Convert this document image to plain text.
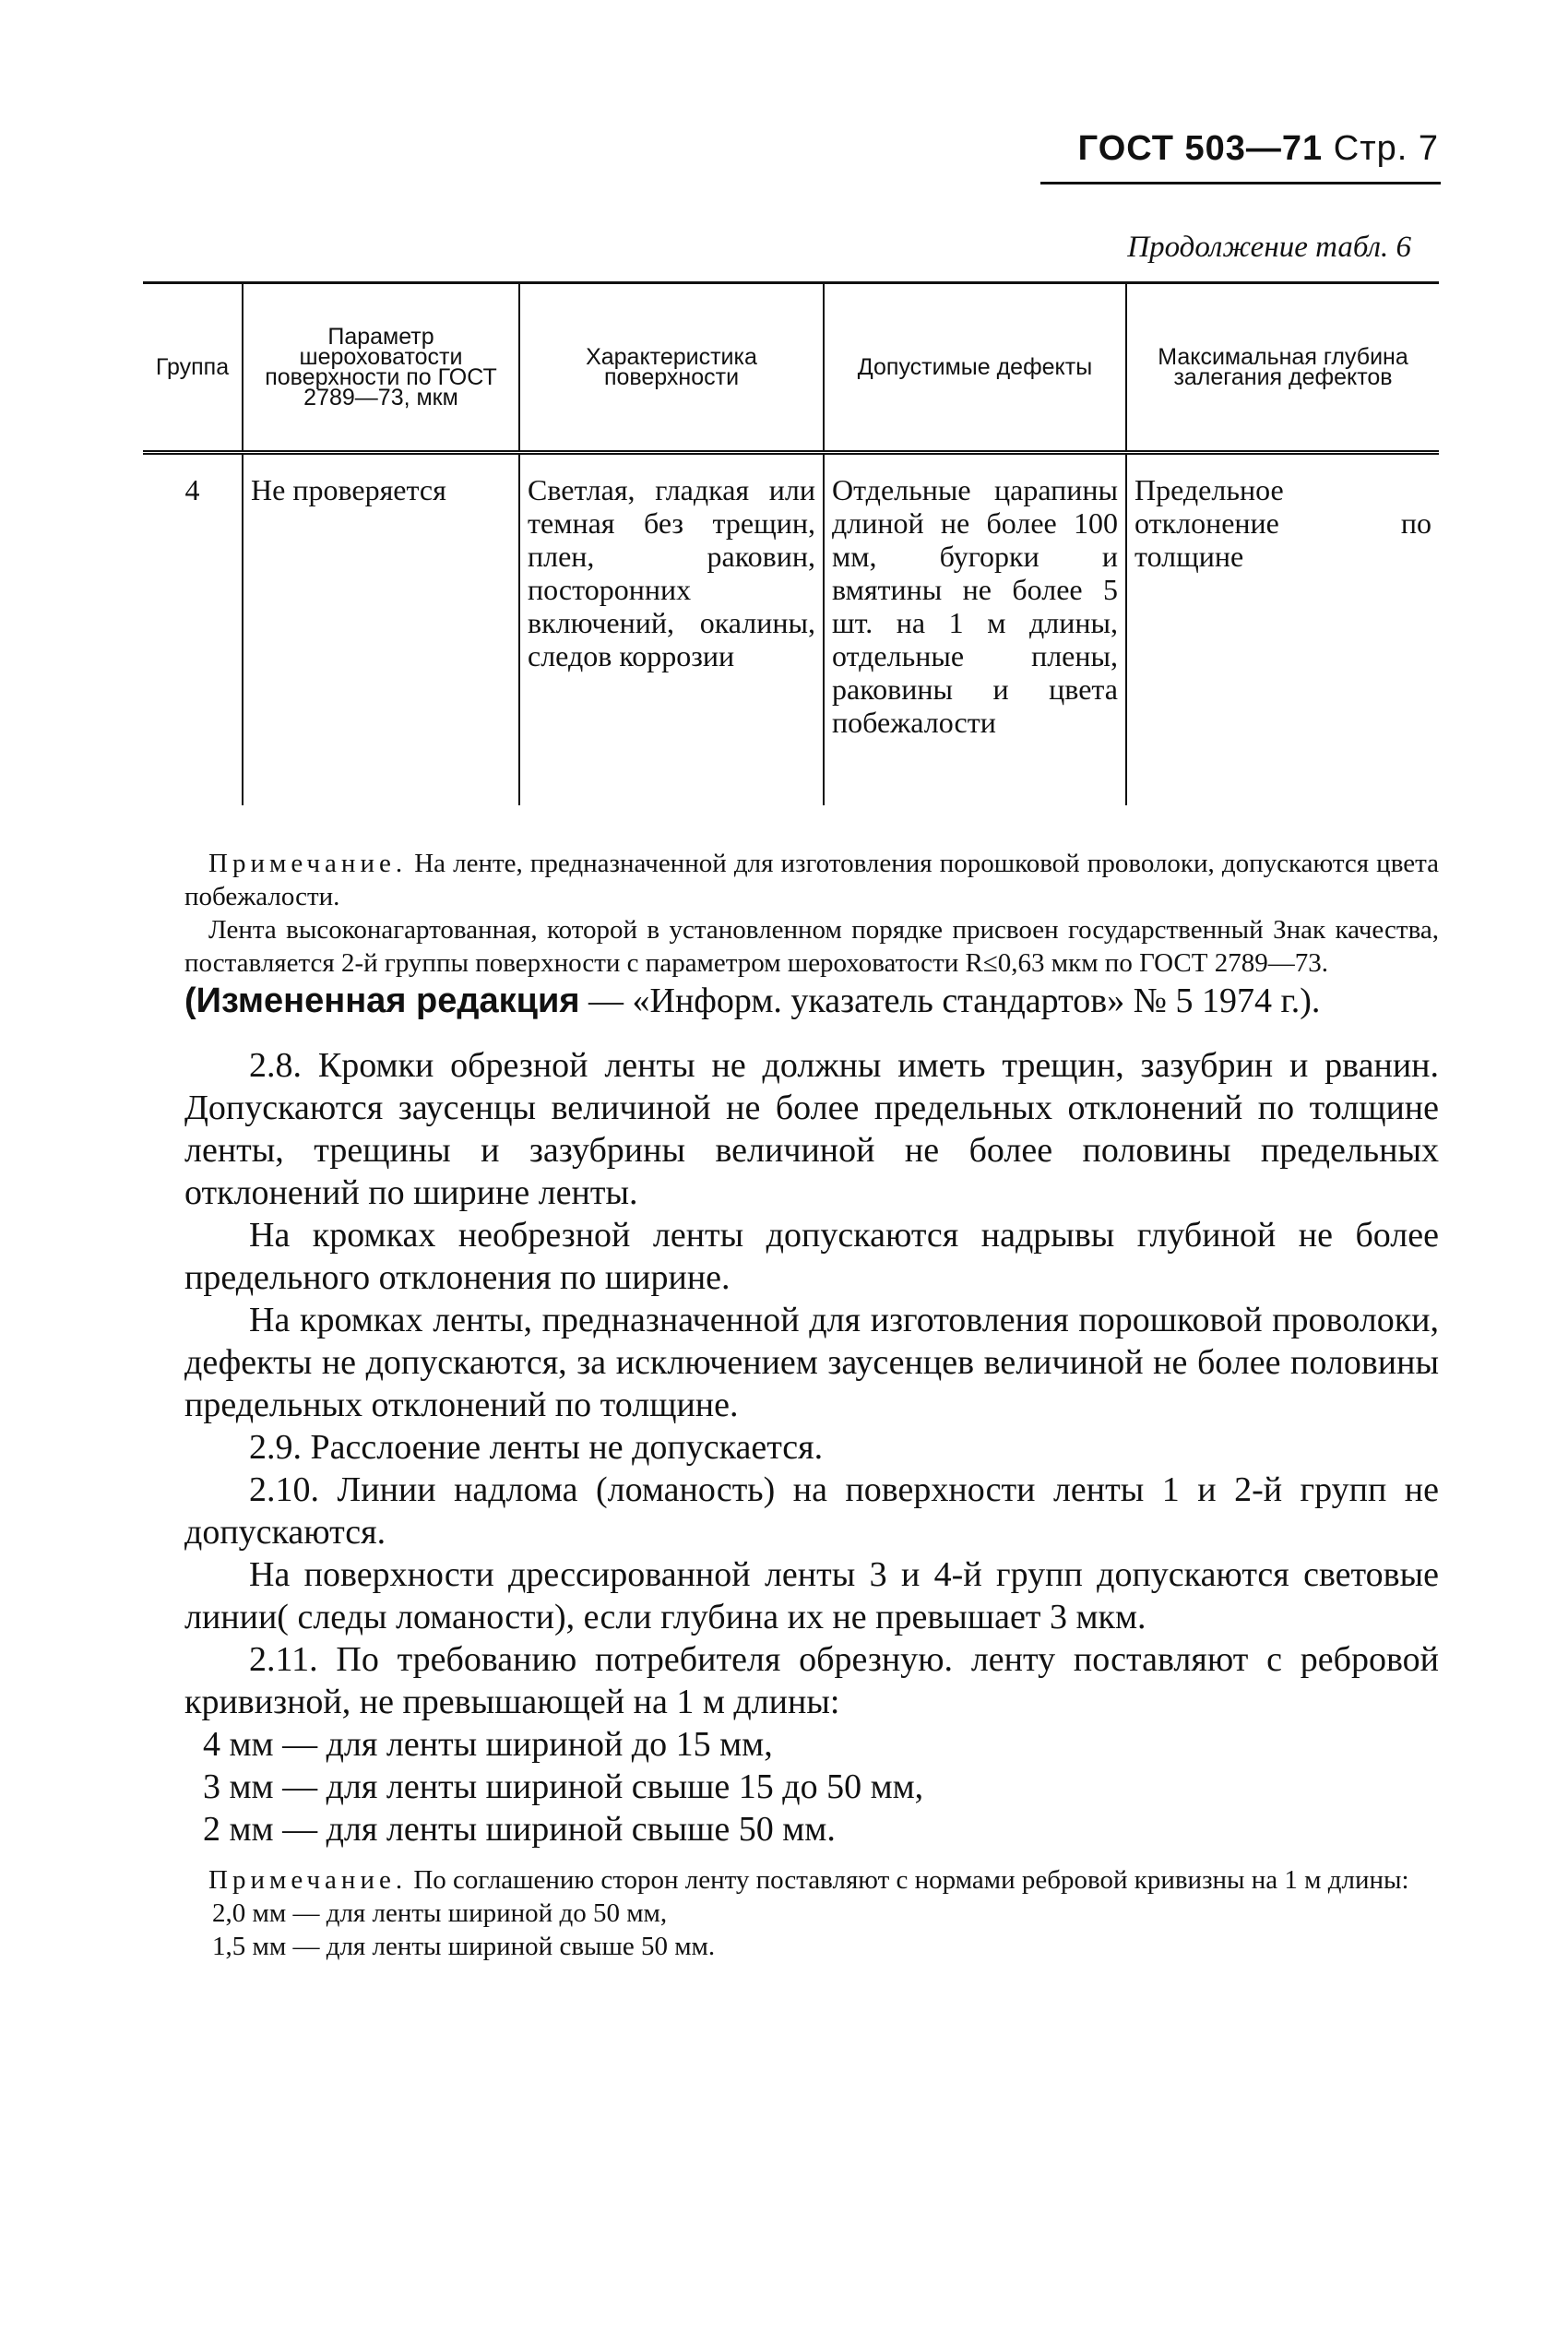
ГОСТ 503—71 Стр. 7
Продолжение табл. 6
Группа	Параметр шероховатости поверхности по ГОСТ 2789—73, мкм	Характеристика поверхности	Допустимые дефекты	Максимальная глубина залегания дефектов
4	Не проверяется	Светлая, гладкая или темная без трещин, плен, раковин, посторонних включений, окалины, следов коррозии	Отдельные царапины длиной не более 100 мм, бугорки и вмятины не более 5 шт. на 1 м длины, отдельные плены, раковины и цвета побежалости	Предельное отклонение по толщине

Примечание. На ленте, предназначенной для изготовления порошковой проволоки, допускаются цвета побежалости.

Лента высоконагартованная, которой в установленном порядке присвоен государственный Знак качества, поставляется 2-й группы поверхности с параметром шероховатости R≤0,63 мкм по ГОСТ 2789—73.

(Измененная редакция — «Информ. указатель стандартов» № 5 1974 г.).

2.8. Кромки обрезной ленты не должны иметь трещин, зазубрин и рванин. Допускаются заусенцы величиной не более предельных отклонений по толщине ленты, трещины и зазубрины величиной не более половины предельных отклонений по ширине ленты.

На кромках необрезной ленты допускаются надрывы глубиной не более предельного отклонения по ширине.

На кромках ленты, предназначенной для изготовления порошковой проволоки, дефекты не допускаются, за исключением заусенцев величиной не более половины предельных отклонений по толщине.

2.9. Расслоение ленты не допускается.

2.10. Линии надлома (ломаность) на поверхности ленты 1 и 2-й групп не допускаются.

На поверхности дрессированной ленты 3 и 4-й групп допускаются световые линии( следы ломаности), если глубина их не превышает 3 мкм.

2.11. По требованию потребителя обрезную. ленту поставляют с ребровой кривизной, не превышающей на 1 м длины:

4 мм — для ленты шириной до 15 мм,

3 мм — для ленты шириной свыше 15 до 50 мм,

2 мм — для ленты шириной свыше 50 мм.

Примечание. По соглашению сторон ленту поставляют с нормами ребровой кривизны на 1 м длины:

2,0 мм — для ленты шириной до 50 мм,

1,5 мм — для ленты шириной свыше 50 мм.
